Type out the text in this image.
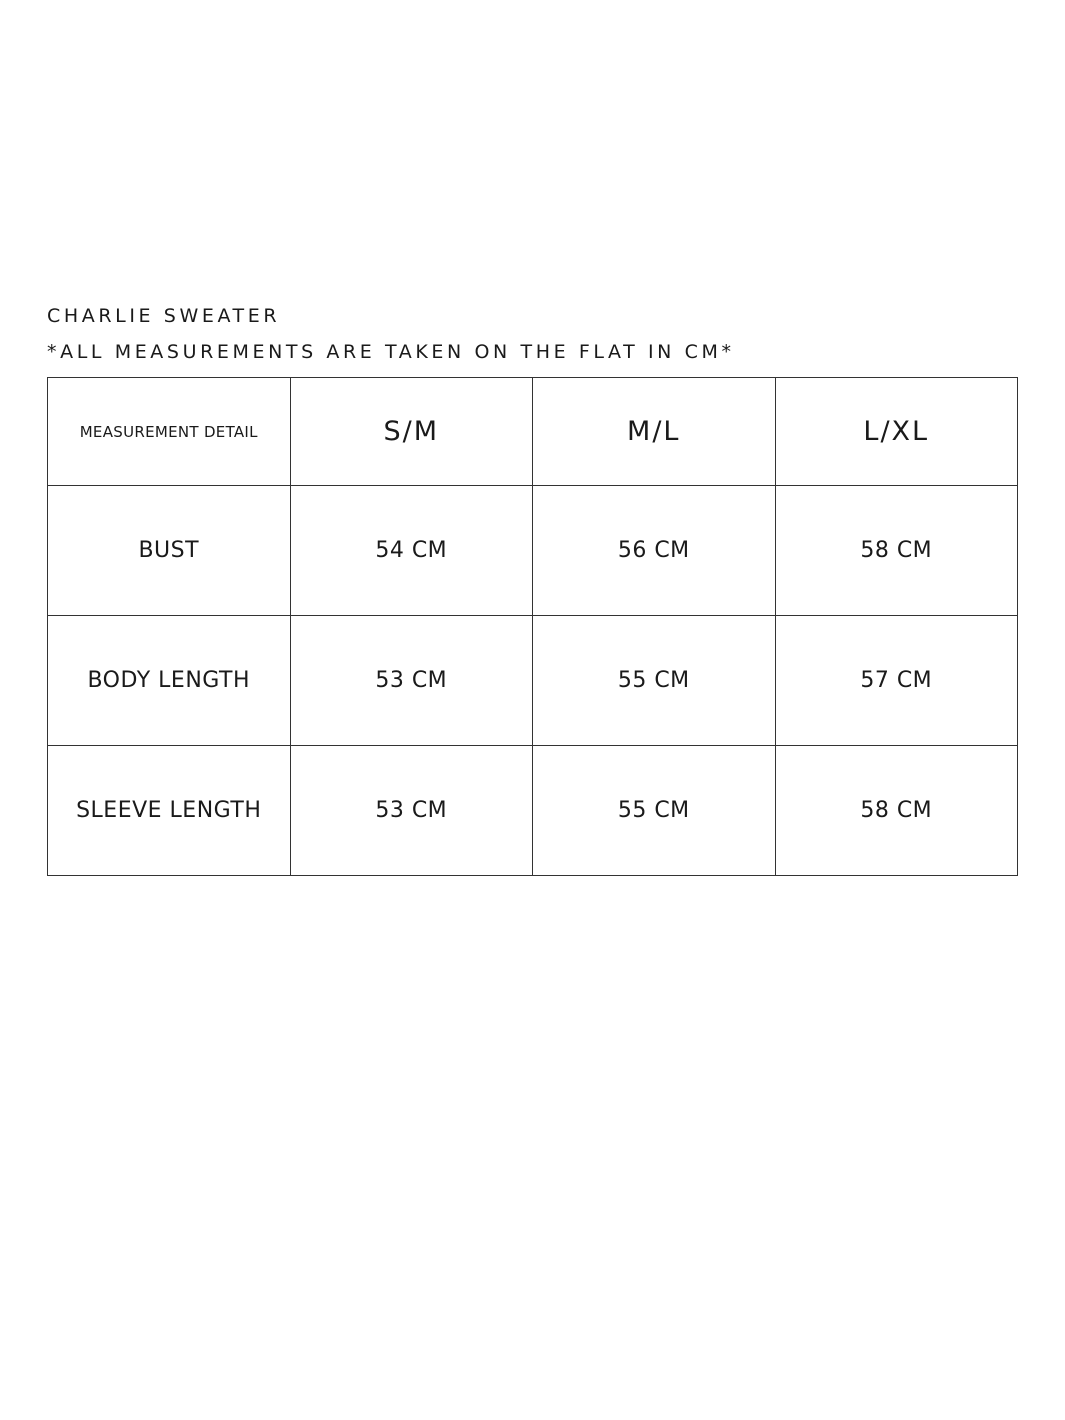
CHARLIE SWEATER
*ALL MEASUREMENTS ARE TAKEN ON THE FLAT IN CM*
MEASUREMENT DETAIL	S/M	M/L	L/XL
BUST	54 CM	56 CM	58 CM
BODY LENGTH	53 CM	55 CM	57 CM
SLEEVE LENGTH	53 CM	55 CM	58 CM
